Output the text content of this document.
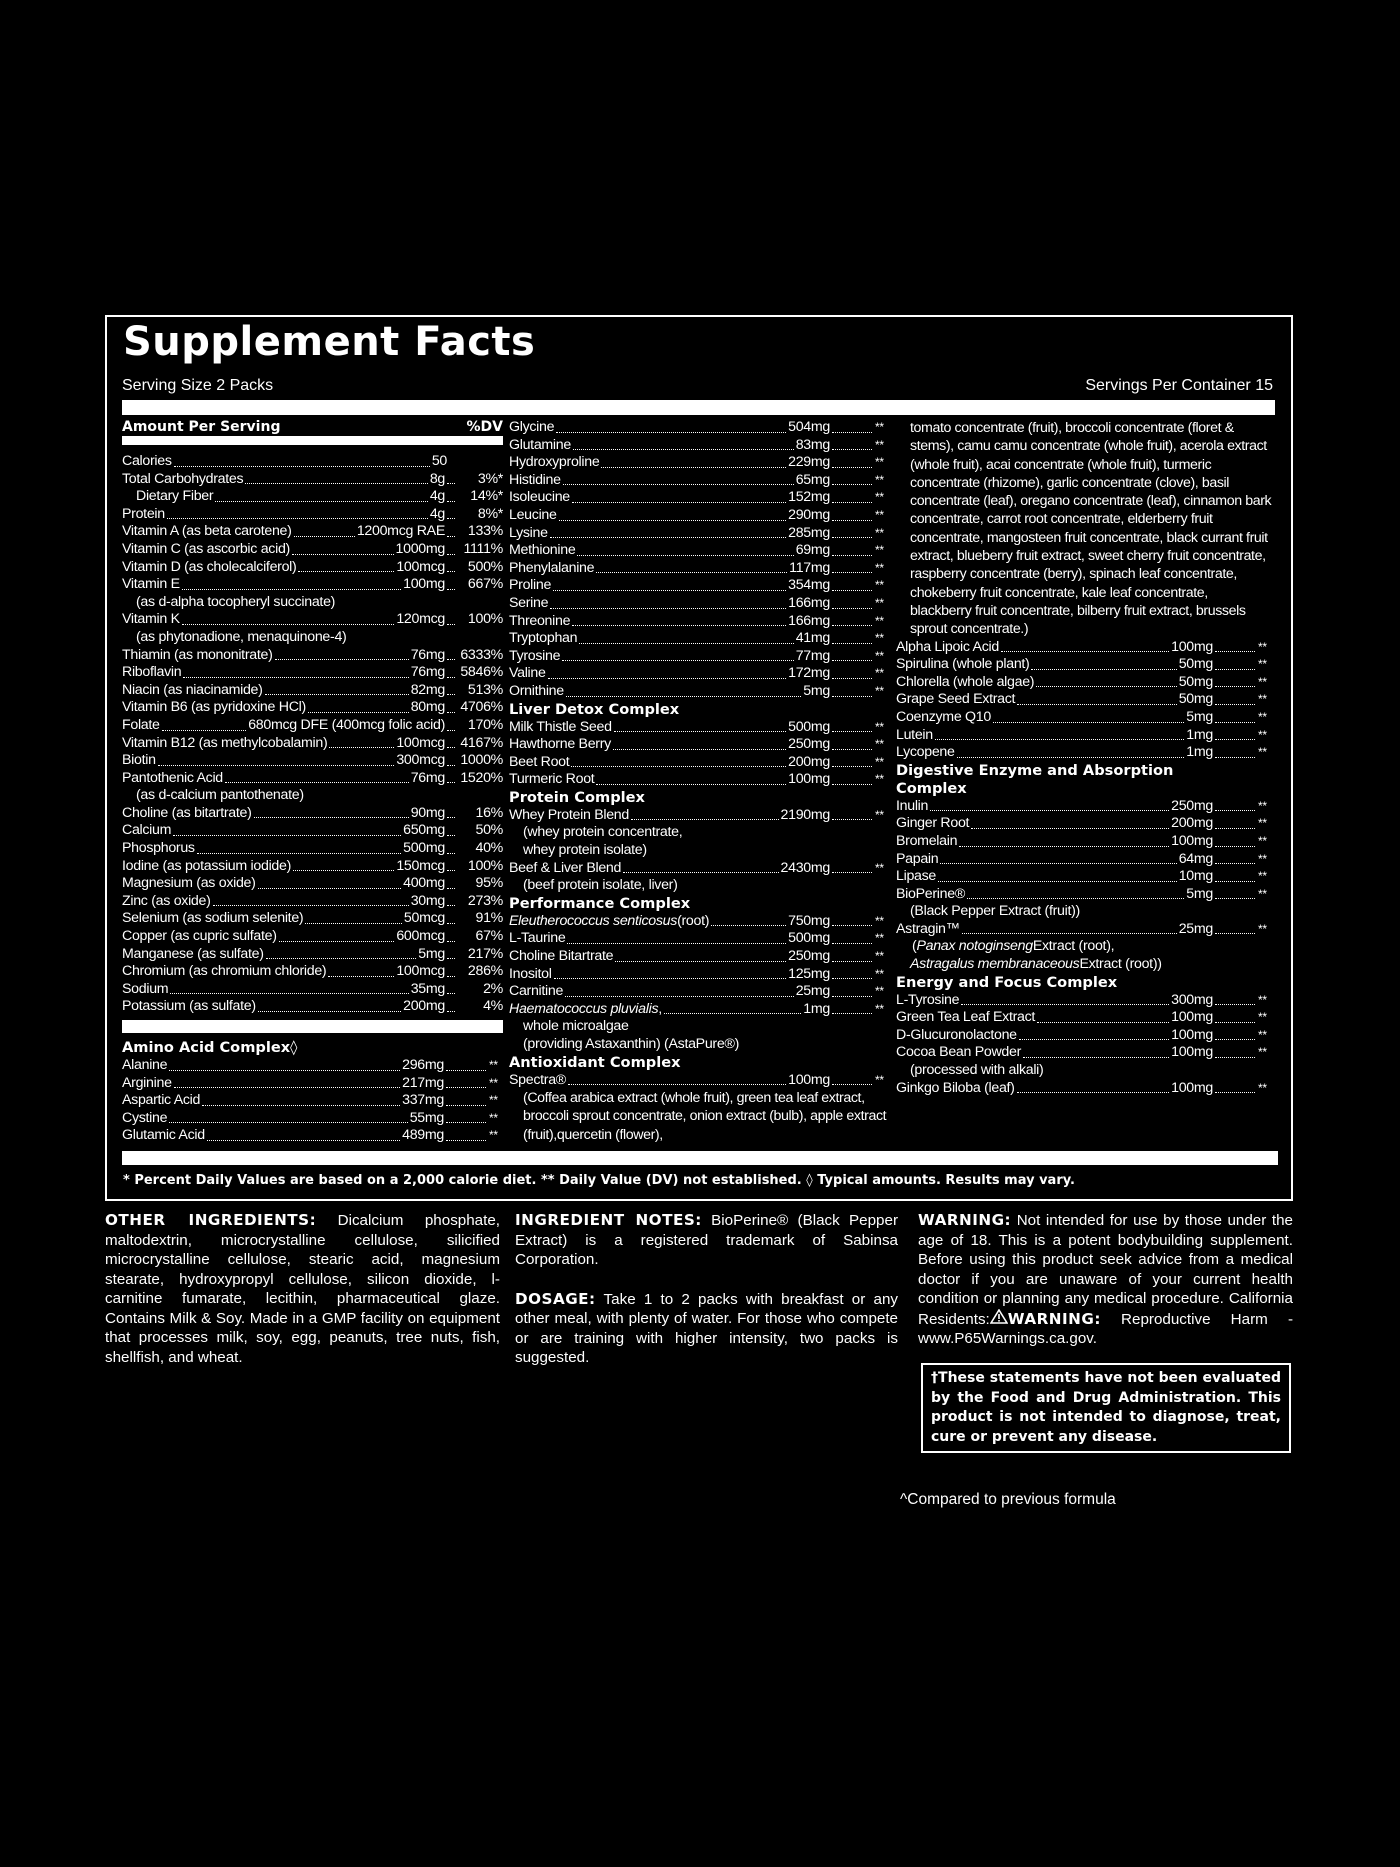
Supplement Facts
Serving Size 2 Packs	Servings Per Container 15
Amount Per Serving	%DV
Calories	50
Total Carbohydrates	8g	3%*
Dietary Fiber	4g	14%*
Protein	4g	8%*
Vitamin A (as beta carotene)	1200mcg RAE	133%
Vitamin C (as ascorbic acid)	1000mg	1111%
Vitamin D (as cholecalciferol)	100mcg	500%
Vitamin E	100mg	667%
(as d-alpha tocopheryl succinate)
Vitamin K	120mcg	100%
(as phytonadione, menaquinone-4)
Thiamin (as mononitrate)	76mg 6333%
Riboflavin	76mg 5846%
Niacin (as niacinamide)	82mg	513%
Vitamin B6 (as pyridoxine HCl)	80mg 4706%
Folate	680mcg DFE (400mcg folic acid)	170%
Vitamin B12 (as methylcobalamin)	100mcg 4167%
Biotin	300mcg 1000%
Pantothenic Acid	76mg 1520%
(as d-calcium pantothenate)
Choline (as bitartrate)	90mg	16%
Calcium	650mg	50%
Phosphorus	500mg	40%
Iodine (as potassium iodide)	150mcg	100%
Magnesium (as oxide)	400mg	95%
Zinc (as oxide)	30mg	273%
Selenium (as sodium selenite)	50mcg	91%
Copper (as cupric sulfate)	600mcg	67%
Manganese (as sulfate)	5mg	217%
Chromium (as chromium chloride)	100mcg	286%
Sodium	35mg	2%
Potassium (as sulfate)	200mg	4%
Amino Acid Complex◊
Alanine	296mg	**
Arginine	217mg	**
Aspartic Acid	337mg	**
Cystine	55mg	**
Glutamic Acid	489mg	**
Glycine	504mg	**
Glutamine	83mg	**
Hydroxyproline	229mg	**
Histidine	65mg	**
Isoleucine	152mg	**
Leucine	290mg	**
Lysine	285mg	**
Methionine	69mg	**
Phenylalanine	117mg	**
Proline	354mg	**
Serine	166mg	**
Threonine	166mg	**
Tryptophan	41mg	**
Tyrosine	77mg	**
Valine	172mg	**
Ornithine	5mg	**
Liver Detox Complex
Milk Thistle Seed	500mg	**
Hawthorne Berry	250mg	**
Beet Root	200mg	**
Turmeric Root	100mg	**
Protein Complex
Whey Protein Blend	2190mg	**
(whey protein concentrate,
whey protein isolate)
Beef & Liver Blend	2430mg	**
(beef protein isolate, liver)
Performance Complex
Eleutherococcus senticosus (root)	750mg	**
L-Taurine	500mg	**
Choline Bitartrate	250mg	**
Inositol	125mg	**
Carnitine	25mg	**
Haematococcus pluvialis ,	1mg	**
whole microalgae
(providing Astaxanthin) (AstaPure®)
Antioxidant Complex
Spectra®	100mg	**
(Coffea arabica extract (whole fruit), green tea leaf extract, broccoli sprout concentrate, onion extract (bulb), apple extract (fruit),quercetin (flower),
tomato concentrate (fruit), broccoli concentrate (floret & stems), camu camu concentrate (whole fruit), acerola extract (whole fruit), acai concentrate (whole fruit), turmeric concentrate (rhizome), garlic concentrate (clove), basil concentrate (leaf), oregano concentrate (leaf), cinnamon bark concentrate, carrot root concentrate, elderberry fruit concentrate, mangosteen fruit concentrate, black currant fruit extract, blueberry fruit extract, sweet cherry fruit concentrate, raspberry concentrate (berry), spinach leaf concentrate, chokeberry fruit concentrate, kale leaf concentrate, blackberry fruit concentrate, bilberry fruit extract, brussels sprout concentrate.)
Alpha Lipoic Acid	100mg	**
Spirulina (whole plant)	50mg	**
Chlorella (whole algae)	50mg	**
Grape Seed Extract	50mg	**
Coenzyme Q10	5mg	**
Lutein	1mg	**
Lycopene	1mg	**
Digestive Enzyme and Absorption
Complex
Inulin	250mg	**
Ginger Root	200mg	**
Bromelain	100mg	**
Papain	64mg	**
Lipase	10mg	**
BioPerine®	5mg	**
(Black Pepper Extract (fruit))
Astragin™	25mg	**
( Panax notoginseng Extract (root),
Astragalus membranaceous Extract (root))
Energy and Focus Complex
L-Tyrosine	300mg	**
Green Tea Leaf Extract	100mg	**
D-Glucuronolactone	100mg	**
Cocoa Bean Powder	100mg	**
(processed with alkali)
Ginkgo Biloba (leaf)	100mg	**
* Percent Daily Values are based on a 2,000 calorie diet. ** Daily Value (DV) not established. ◊ Typical amounts. Results may vary.
OTHER INGREDIENTS: Dicalcium phosphate, maltodextrin, microcrystalline cellulose, silicified microcrystalline cellulose, stearic acid, magnesium stearate, hydroxypropyl cellulose, silicon dioxide, l-carnitine fumarate, lecithin, pharmaceutical glaze. Contains Milk & Soy. Made in a GMP facility on equipment that processes milk, soy, egg, peanuts, tree nuts, fish, shellfish, and wheat.
INGREDIENT NOTES: BioPerine® (Black Pepper Extract) is a registered trademark of Sabinsa Corporation.
DOSAGE: Take 1 to 2 packs with breakfast or any other meal, with plenty of water. For those who compete or are training with higher intensity, two packs is suggested.
WARNING: Not intended for use by those under the age of 18. This is a potent bodybuilding supplement. Before using this product seek advice from a medical doctor if you are unaware of your current health condition or planning any medical procedure. California Residents: WARNING: Reproductive Harm - www.P65Warnings.ca.gov.
†These statements have not been evaluated by the Food and Drug Administration. This product is not intended to diagnose, treat, cure or prevent any disease.
^Compared to previous formula
